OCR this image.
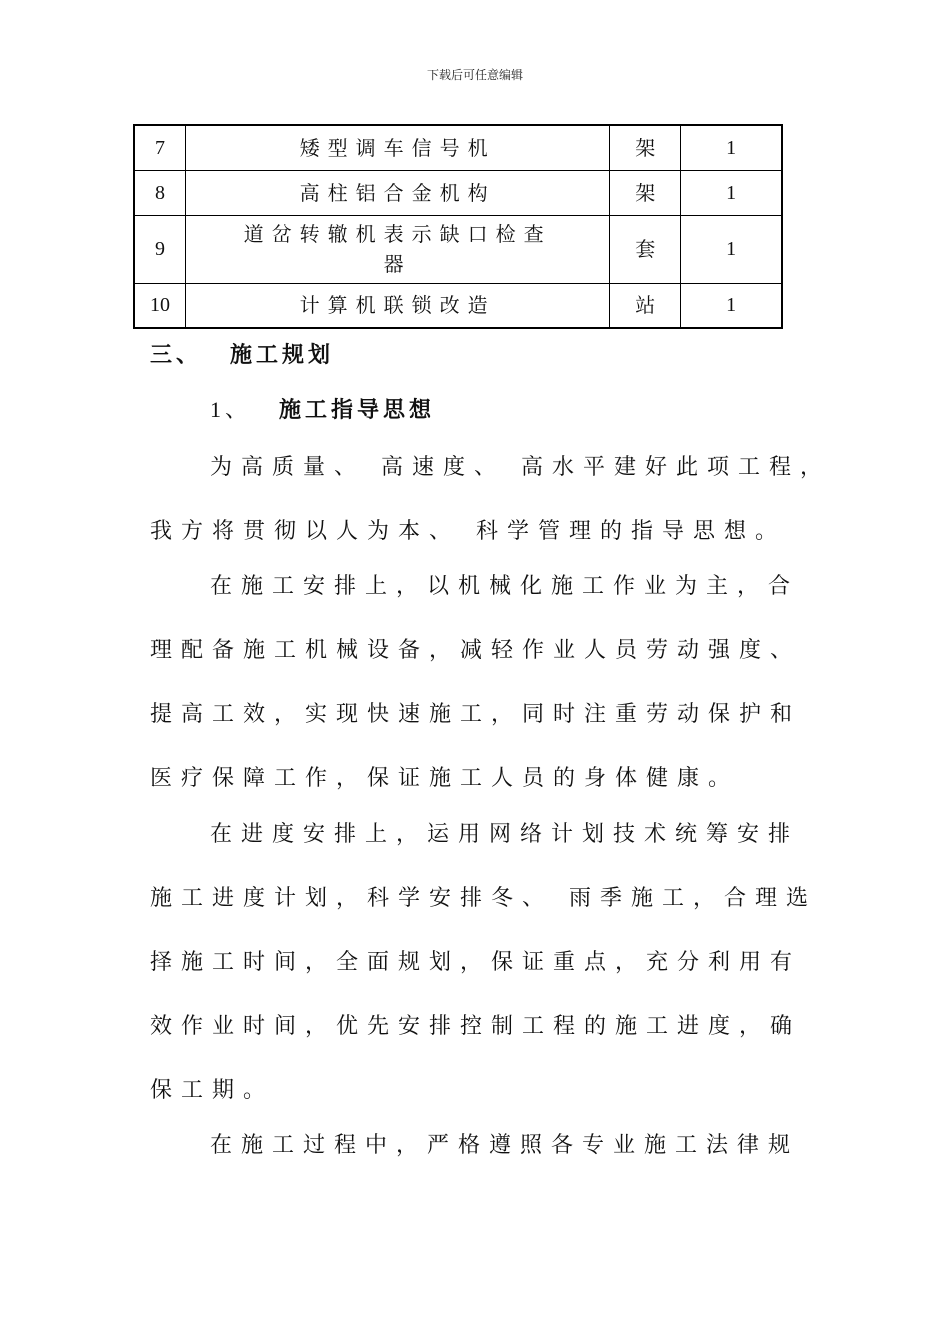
下载后可任意编辑
7	矮型调车信号机	架	1
8	高柱铝合金机构	架	1
9	道岔转辙机表示缺口检查
器	套	1
10	计算机联锁改造	站	1
三、 施工规划
1、 施工指导思想
为高质量、 高速度、 高水平建好此项工程，
我方将贯彻以人为本、 科学管理的指导思想。
在施工安排上，以机械化施工作业为主，合
理配备施工机械设备，减轻作业人员劳动强度、
提高工效，实现快速施工，同时注重劳动保护和
医疗保障工作，保证施工人员的身体健康。
在进度安排上，运用网络计划技术统筹安排
施工进度计划，科学安排冬、 雨季施工，合理选
择施工时间，全面规划，保证重点，充分利用有
效作业时间，优先安排控制工程的施工进度，确
保工期。
在施工过程中，严格遵照各专业施工法律规
